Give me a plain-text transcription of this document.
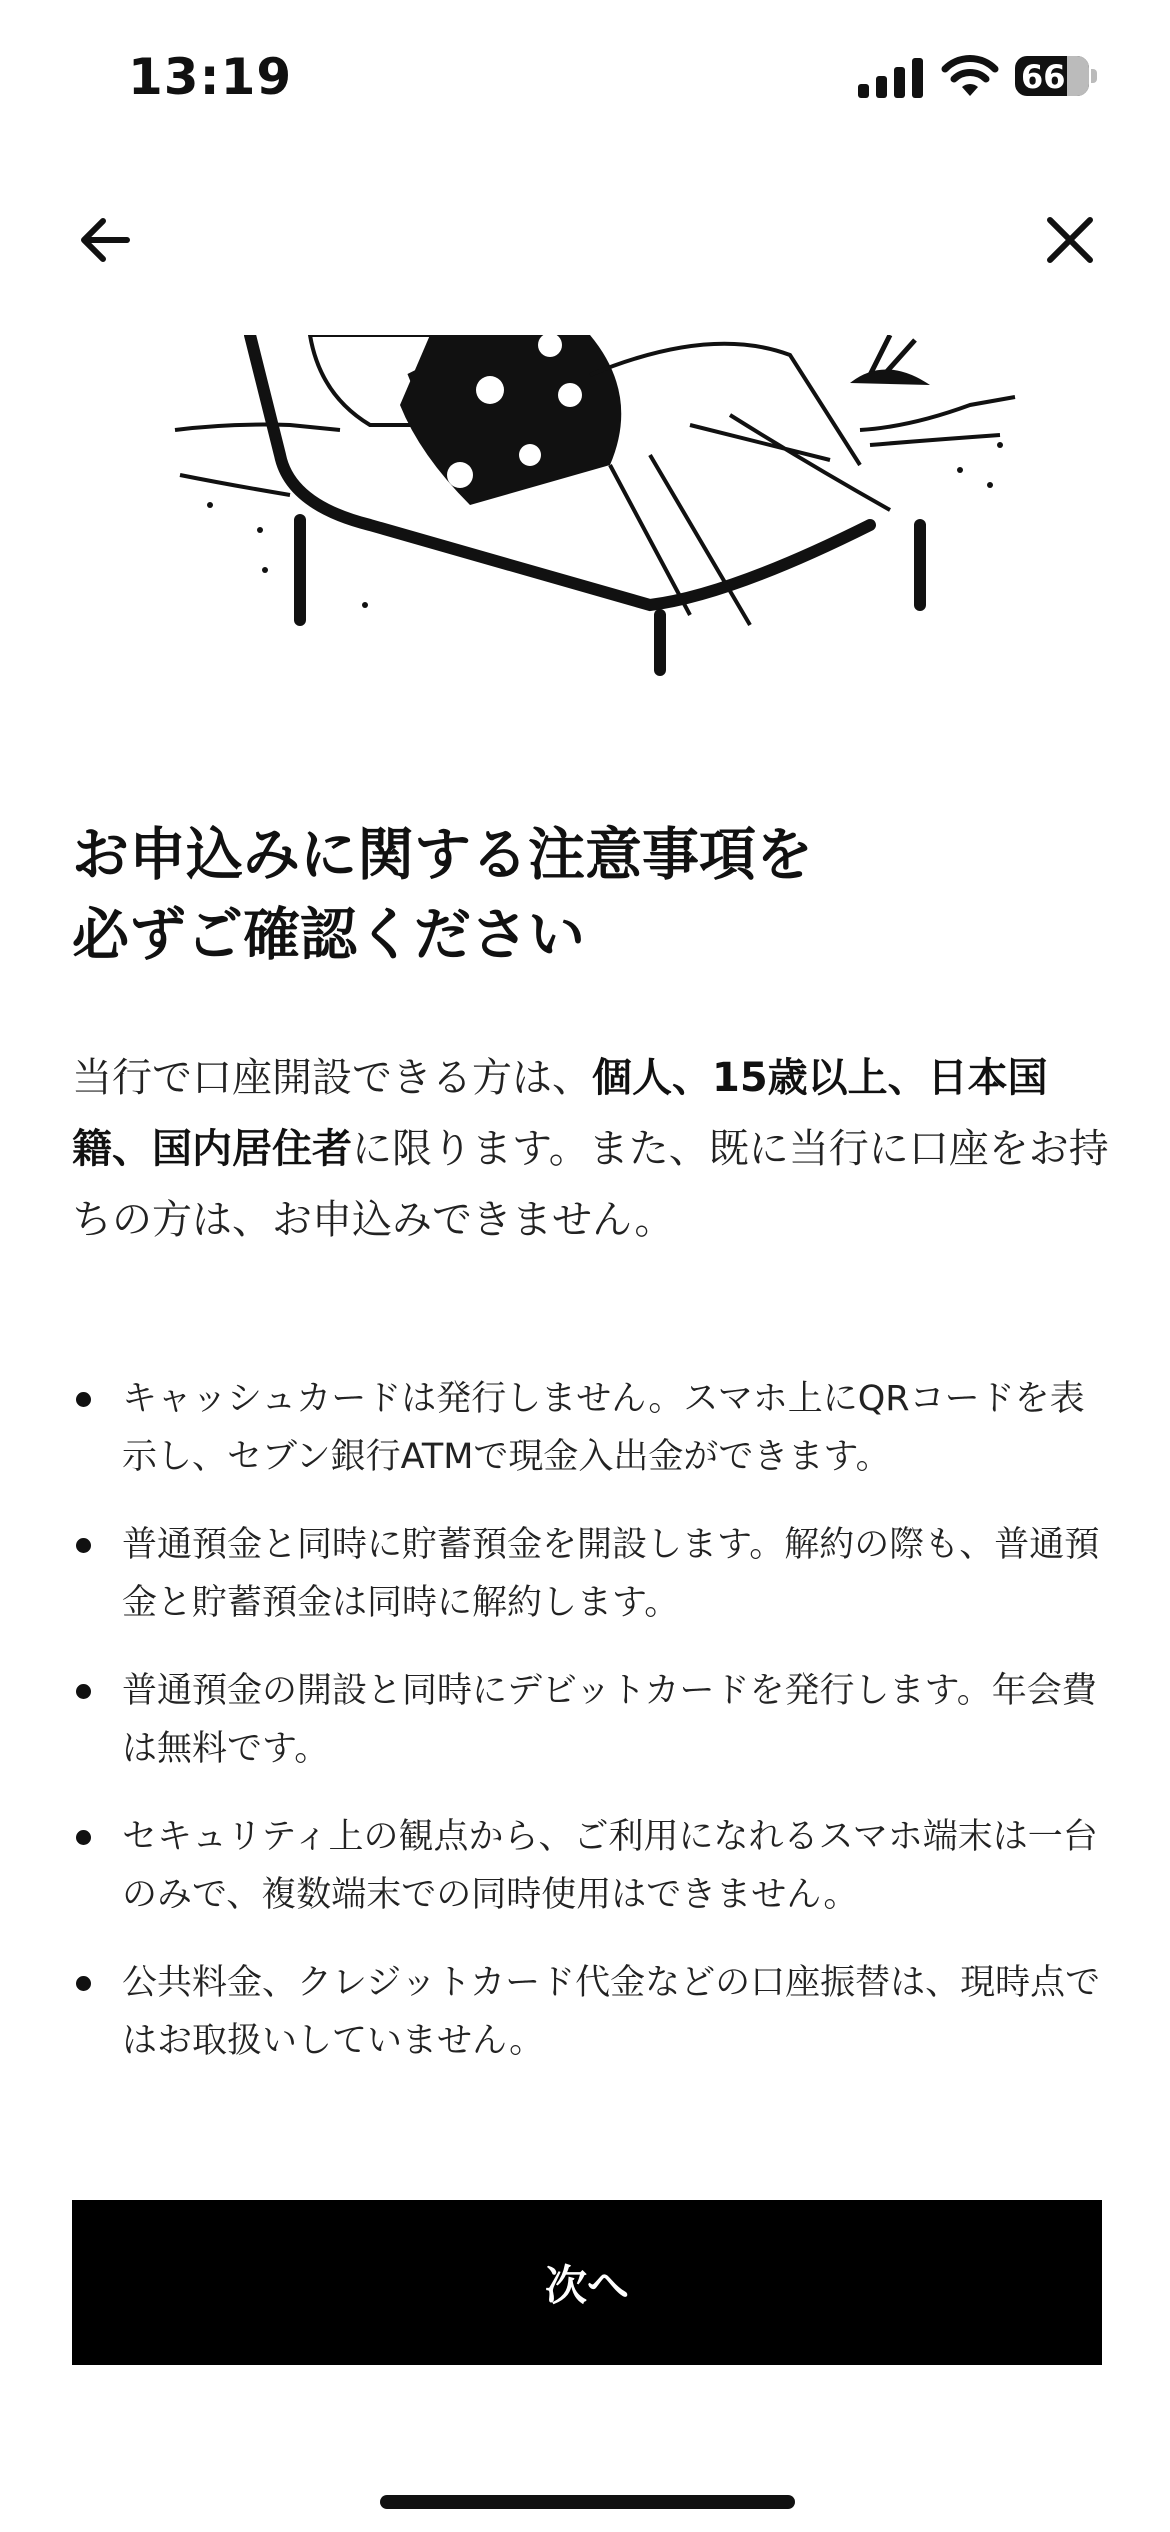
13:19	66
お申込みに関する注意事項を
必ずご確認ください
当行で口座開設できる方は、個人、15歳以上、日本国籍、国内居住者に限ります。また、既に当行に口座をお持ちの方は、お申込みできません。
キャッシュカードは発行しません。スマホ上にQRコードを表示し、セブン銀行ATMで現金入出金ができます。
普通預金と同時に貯蓄預金を開設します。解約の際も、普通預金と貯蓄預金は同時に解約します。
普通預金の開設と同時にデビットカードを発行します。年会費は無料です。
セキュリティ上の観点から、ご利用になれるスマホ端末は一台のみで、複数端末での同時使用はできません。
公共料金、クレジットカード代金などの口座振替は、現時点ではお取扱いしていません。
次へ
